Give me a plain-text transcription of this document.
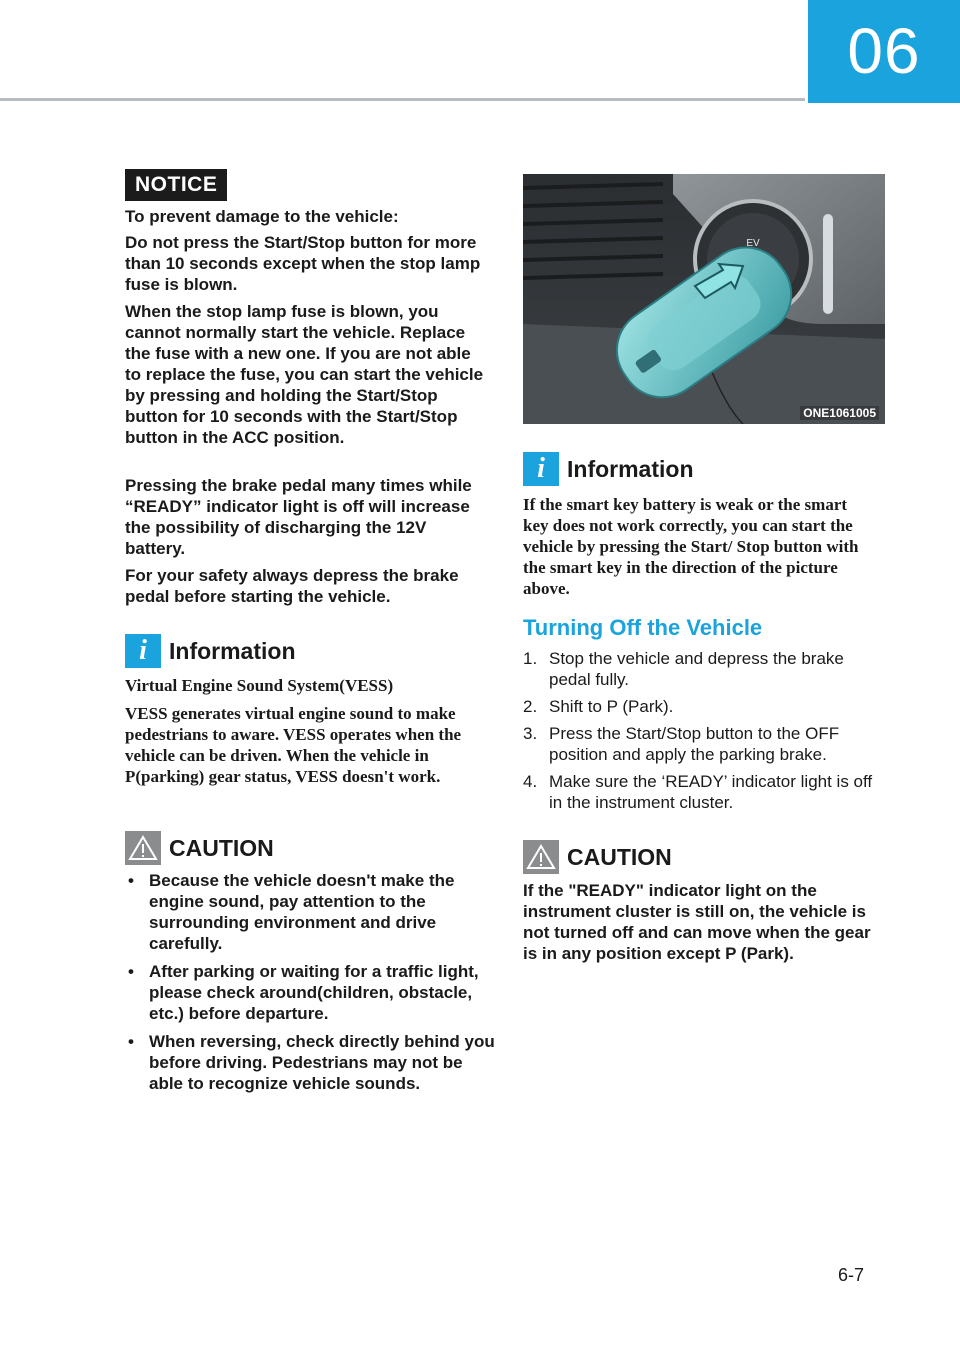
06
NOTICE

To prevent damage to the vehicle:

Do not press the Start/Stop button for more than 10 seconds except when the stop lamp fuse is blown.

When the stop lamp fuse is blown, you cannot normally start the vehicle. Replace the fuse with a new one. If you are not able to replace the fuse, you can start the vehicle by pressing and holding the Start/Stop button for 10 seconds with the Start/Stop button in the ACC position.

Pressing the brake pedal many times while “READY” indicator light is off will increase the possibility of discharging the 12V battery.

For your safety always depress the brake pedal before starting the vehicle.

i Information

Virtual Engine Sound System(VESS)

VESS generates virtual engine sound to make pedestrians to aware. VESS operates when the vehicle can be driven. When the vehicle in P(parking) gear status, VESS doesn't work.

CAUTION
• Because the vehicle doesn't make the engine sound, pay attention to the surrounding environment and drive carefully.
• After parking or waiting for a traffic light, please check around(children, obstacle, etc.) before departure.
• When reversing, check directly behind you before driving. Pedestrians may not be able to recognize vehicle sounds.
EV
ONE1061005
i Information

If the smart key battery is weak or the smart key does not work correctly, you can start the vehicle by pressing the Start/ Stop button with the smart key in the direction of the picture above.

Turning Off the Vehicle
1. Stop the vehicle and depress the brake pedal fully.
2. Shift to P (Park).
3. Press the Start/Stop button to the OFF position and apply the parking brake.
4. Make sure the ‘READY’ indicator light is off in the instrument cluster.
CAUTION

If the "READY" indicator light on the instrument cluster is still on, the vehicle is not turned off and can move when the gear is in any position except P (Park).

6-7
